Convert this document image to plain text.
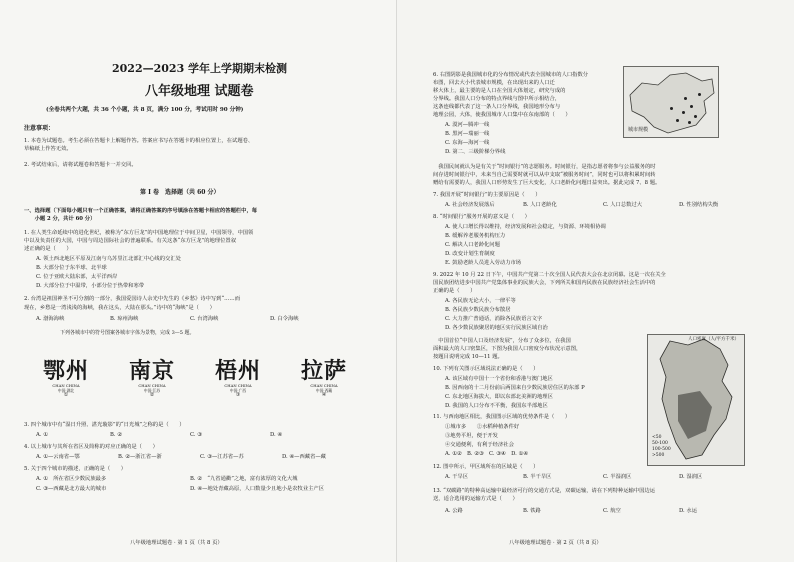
2022—2023 学年上学期期末检测
八年级地理 试题卷
(全卷共两个大题，共 36 个小题，共 8 页，满分 100 分，考试用时 90 分钟)
注意事项：
1. 本卷为试题卷。考生必须在答题卡上解题作答。答案应书写在答题卡的相应位置上，在试题卷、
草稿纸上作答无效。
2. 考试结束后，请将试题卷和答题卡一并交回。
第 Ⅰ 卷　选择题（共 60 分）
一、选择题（下面每小题只有一个正确答案，请将正确答案的序号填涂在答题卡相应的答题栏中，每
　　小题 2 分，共计 60 分）
1. 在人类生命延续中的进化世纪，被称为“东方巨龙”的中国地理位于中间卫星，中国领导，中国领
中以及负责任的大国，中国与周边国际社会的普遍联系。有关这条“东方巨龙”的地理位置叙
述正确的是（　　）
A. 领土西北地区平原及江南与乌苏里江北部汇中心线的交汇处
B. 大部分位于东半球、北半球
C. 位于亚欧大陆东部，太平洋西岸
D. 大部分位于中温带，小部分位于热带和寒带
2. 台湾是祖国神圣不可分割的一部分，我国爱国诗人余光中先生的《乡愁》诗中写到“……而
现在，乡愁是一湾浅浅的海峡，我在这头，大陆在那头。”诗中的“海峡”是（　　）
A. 渤海海峡	B. 琼州海峡	C. 台湾海峡	D. 白令海峡
下列各城市中的符号图案各城市字体为景物，完成 3—5 题。
鄂州
CHAN CHINA
中国·湖北
①
南京
CHAN CHINA
中国·江苏
②
梧州
CHAN CHINA
中国·广西
③
拉萨
CHAN CHINA
中国·西藏
④
3. 四个城市中有“湿日升照、湛光璇影”的“日光城”之称的是（　　）
A. ①	B. ②	C. ③	D. ④
4. 以上城市与其所在省区及简称的对应正确的是（　　）
A. ①—云南省—鄂	B. ②—浙江省—浙	C. ③—江苏省—苏	D. ④—西藏省—藏
5. 关于四个城市的描述，正确的是（　　）
A. ①　所在省区少数民族最多	B. ②　“九省通衢”之地，富有浓厚的文化大城
C. ③—西藏是北方最大的城市	D. ④—地处青藏高原，人口数量少且地小是农牧业主产区
八年级地理试题卷 · 第 1 页（共 8 页）
6. 右图阴影是我国城市化的分布情况或代表全国城市的人口指数分
布图，回去大小代表城市规模，在出现出来的人口迁
移大体上，最主要的是人口在全国大体划定，研究与成的
分界线。我国人口分布的特点界线与图中所示相结合，
这条连线都代表了这一条人口分界线，我国地形分布与
地理公园，大体，使我国城市人口集中在东南部的（　　）
A. 漠河—腾冲一线
B. 黑河—瑞丽一线
C. 东海—海河一线
D. 第二、三级阶梯分界线
城市规模
　我国民间就认为是有关于“时间银行”的志愿服务。时间银行，是指志愿者将参与公益服务的时
间存进时间银行中，未来当自己需要时就可以从中支取“被服务时间”，同时也可以将积累时间转
赠给有需要的人，我国人口形势发生了巨大变化，人口老龄化问题日益突出。据此完成 7、8 题。
7. 我国开展“时间银行”的主要原因是（　　）
A. 社会经济发展落后	B. 人口老龄化	C. 人口总数过大	D. 性别结构失衡
8. “时间银行”服务开展的意义是（　　）
A. 使人口增长得以维持，经济发展和社会稳定，与资源、环境相协调
B. 缓解养老服务机构压力
C. 解决人口老龄化问题
D. 改变计划生育制度
E. 鼓励老龄人员进入劳动力市场
9. 2022 年 10 月 22 日下午，中国共产党第二十次全国人民代表大会在北京闭幕。这是一次在关全
国民族团结进步中国共产党集体事业的民族大会，下列所关和国内民族在民族经济社会生活中的
正确的是（　　）
A. 各民族无论大小，一律平等
B. 各民族少数民族分布散居
C. 大力推广普通话，消除各民族语言文字
D. 各少数民族聚居的地区实行民族区域自治
　中国首位“中国人口及经济发展”，分布了众多位，在我国
面积最大的人口密集区，下图为我国人口密度分布状况示意图，
按题目说明完成 10—11 题。
10. 下列有关图示区域说法正确的是（　　）
A. 该区域有中国十一个省份和香港与澳门地区
B. 因西南的十二月份前后两国来自少数民族居住区的东部 P
C. 东北地区海拔大，即以东部北美洲的地理区
D. 我国的人口分布不平衡，我国东半部地区
11. 与西南地区相比，我国图示区域的优势条件是（　　）
①城市多　　②水稻种植条件好
③地势平坦，便于开发
④交通便利，有利于经济社会
A. ①②　B. ②③　C. ③④　D. ①④
12. 图中所示，甲区域所在的区域是（　　）
A. 干旱区	B. 半干旱区	C. 半湿润区	D. 湿润区
13. “双碳路”的特种高运输中最经济可行的交通方式是，双碳运输，请在下列特种运输中国边运
送，适合选用的运输方式是（　　）
A. 公路	B. 铁路	C. 航空	D. 水运
人口密度（人/平方千米）
<50
50-100
100-500
>500
八年级地理试题卷 · 第 2 页（共 8 页）
